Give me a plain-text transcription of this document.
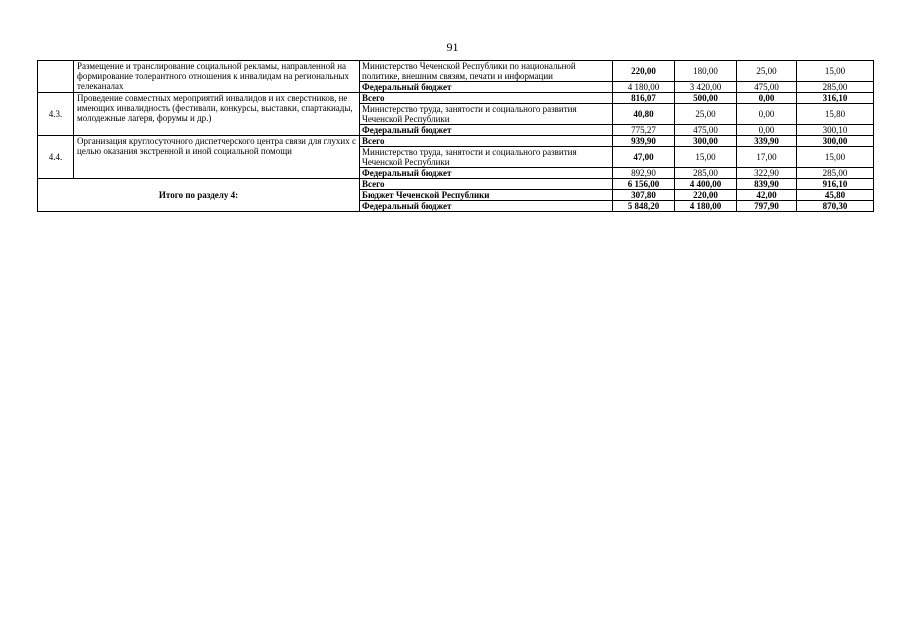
91
	Размещение и транслирование социальной рекламы, направленной на формирование толерантного отношения к инвалидам на региональных телеканалах	Министерство Чеченской Республики по национальной политике, внешним связям, печати и информации	220,00	180,00	25,00	15,00
		Федеральный бюджет	4 180,00	3 420,00	475,00	285,00
4.3.	Проведение совместных мероприятий инвалидов и их сверстников, не имеющих инвалидность (фестивали, конкурсы, выставки, спартакиады, молодежные лагеря, форумы и др.)	Всего	816,07	500,00	0,00	316,10
		Министерство труда, занятости и социального развития Чеченской Республики	40,80	25,00	0,00	15,80
		Федеральный бюджет	775,27	475,00	0,00	300,10
4.4.	Организация круглосуточного диспетчерского центра связи для глухих с целью оказания экстренной и иной социальной помощи	Всего	939,90	300,00	339,90	300,00
		Министерство труда, занятости и социального развития Чеченской Республики	47,00	15,00	17,00	15,00
		Федеральный бюджет	892,90	285,00	322,90	285,00
Итого по разделу 4:		Всего	6 156,00	4 400,00	839,90	916,10
		Бюджет Чеченской Республики	307,80	220,00	42,00	45,80
		Федеральный бюджет	5 848,20	4 180,00	797,90	870,30
